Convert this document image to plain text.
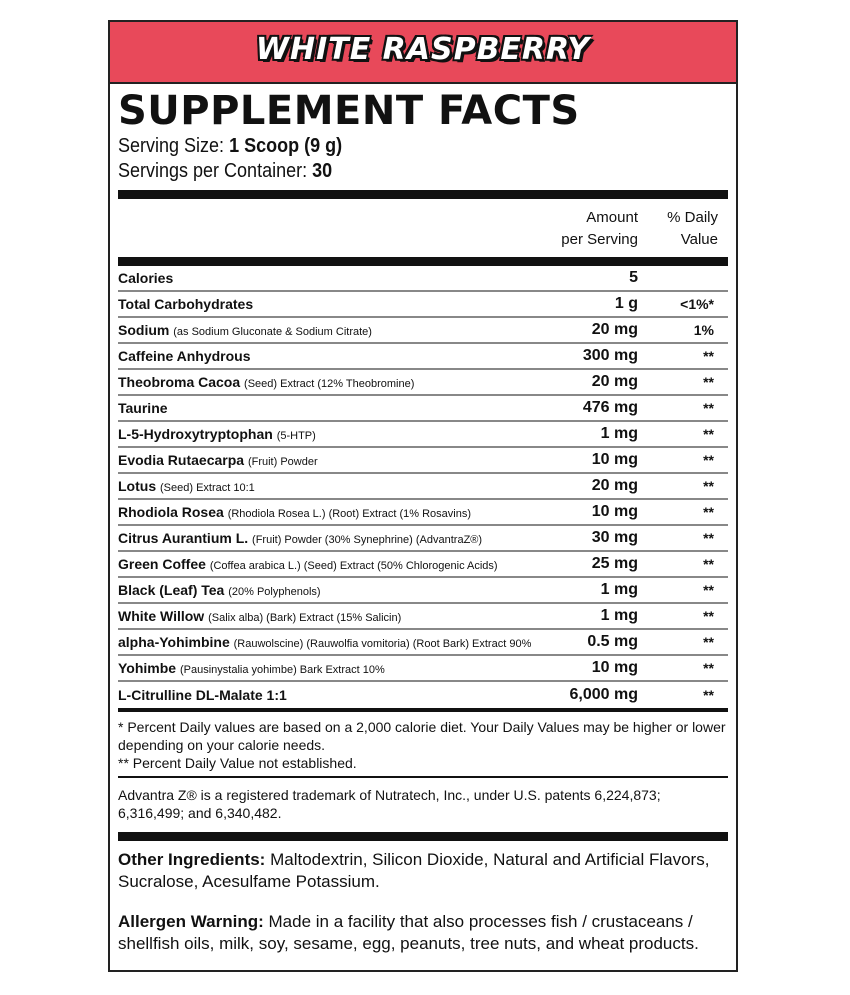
WHITE RASPBERRY
SUPPLEMENT FACTS
Serving Size: 1 Scoop (9 g)
Servings per Container: 30
Amount
per Serving
% Daily
Value
Calories	5
Total Carbohydrates	1 g	<1%*
Sodium (as Sodium Gluconate & Sodium Citrate)	20 mg	1%
Caffeine Anhydrous	300 mg	**
Theobroma Cacoa (Seed) Extract (12% Theobromine)	20 mg	**
Taurine	476 mg	**
L-5-Hydroxytryptophan (5-HTP)	1 mg	**
Evodia Rutaecarpa (Fruit) Powder	10 mg	**
Lotus (Seed) Extract 10:1	20 mg	**
Rhodiola Rosea (Rhodiola Rosea L.) (Root) Extract (1% Rosavins)	10 mg	**
Citrus Aurantium L. (Fruit) Powder (30% Synephrine) (AdvantraZ®)	30 mg	**
Green Coffee (Coffea arabica L.) (Seed) Extract (50% Chlorogenic Acids)	25 mg	**
Black (Leaf) Tea (20% Polyphenols)	1 mg	**
White Willow (Salix alba) (Bark) Extract (15% Salicin)	1 mg	**
alpha-Yohimbine (Rauwolscine) (Rauwolfia vomitoria) (Root Bark) Extract 90%	0.5 mg	**
Yohimbe (Pausinystalia yohimbe) Bark Extract 10%	10 mg	**
L-Citrulline DL-Malate 1:1	6,000 mg	**
* Percent Daily values are based on a 2,000 calorie diet. Your Daily Values may be higher or lower depending on your calorie needs.
** Percent Daily Value not established.
Advantra Z® is a registered trademark of Nutratech, Inc., under U.S. patents 6,224,873; 6,316,499; and 6,340,482.
Other Ingredients: Maltodextrin, Silicon Dioxide, Natural and Artificial Flavors, Sucralose, Acesulfame Potassium.
Allergen Warning: Made in a facility that also processes fish / crustaceans / shellfish oils, milk, soy, sesame, egg, peanuts, tree nuts, and wheat products.
